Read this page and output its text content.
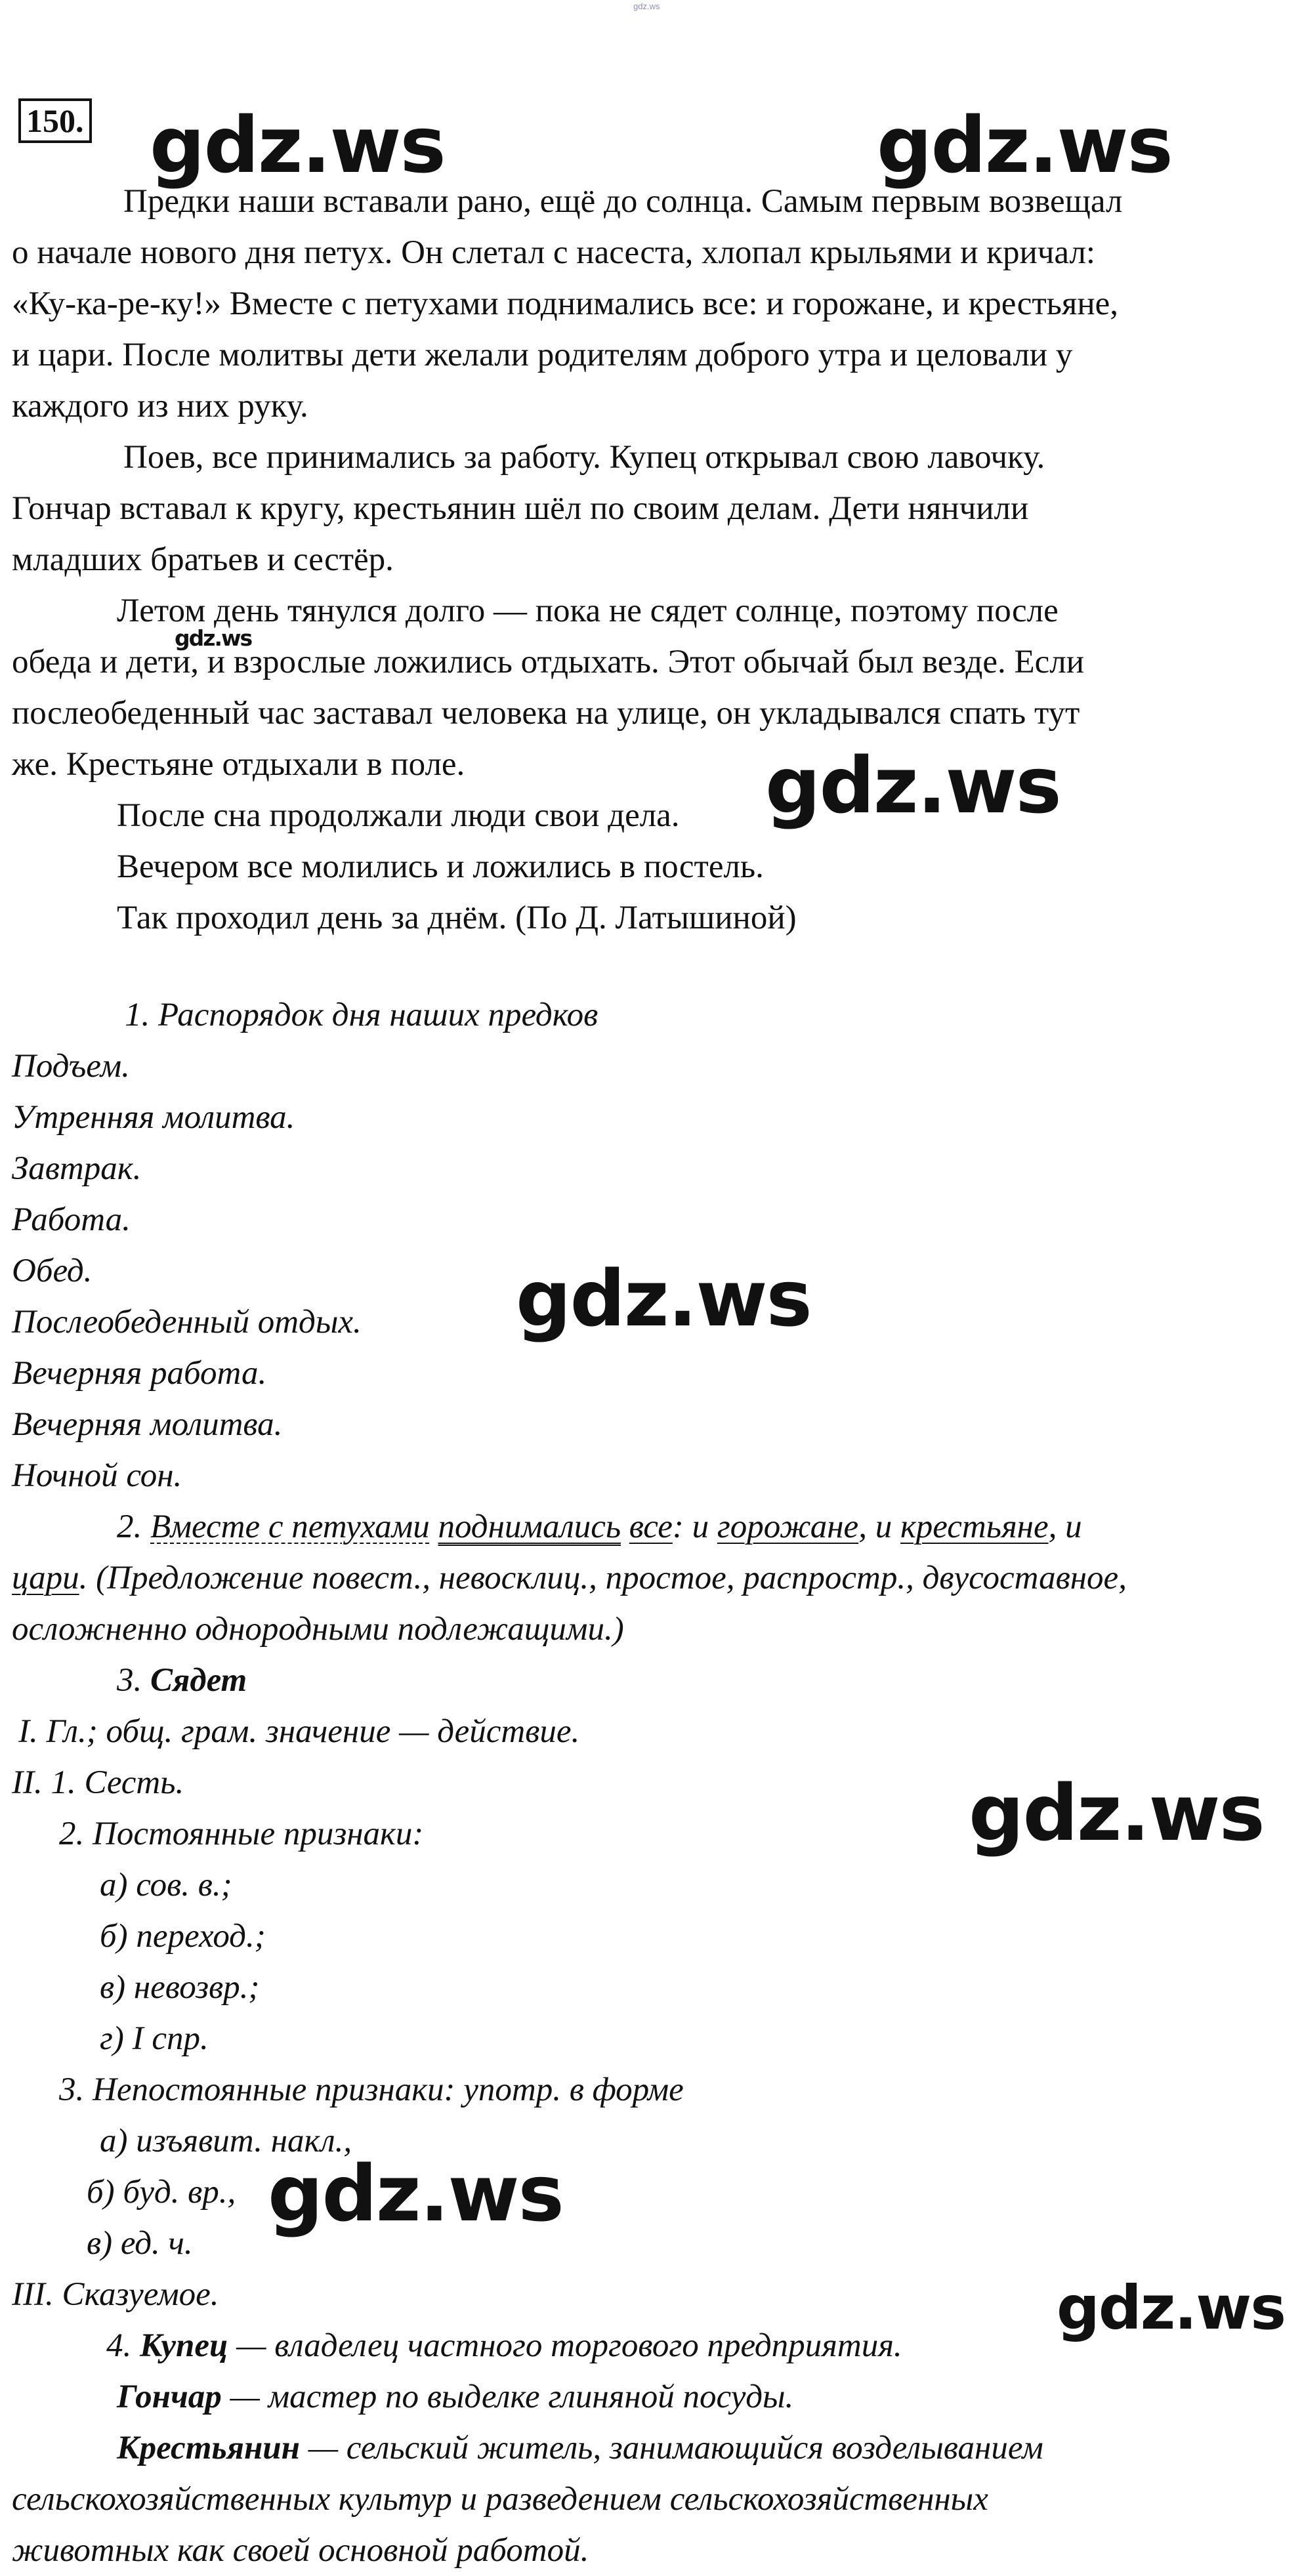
gdz.ws
150. gdz.ws	gdz.ws
gdz.ws
gdz.ws
gdz.ws
gdz.ws
gdz.ws
gdz.ws
Предки наши вставали рано, ещё до солнца. Самым первым возвещал
о начале нового дня петух. Он слетал с насеста, хлопал крыльями и кричал:
«Ку-ка-ре-ку!» Вместе с петухами поднимались все: и горожане, и крестьяне,
и цари. После молитвы дети желали родителям доброго утра и целовали у
каждого из них руку.
Поев, все принимались за работу. Купец открывал свою лавочку.
Гончар вставал к кругу, крестьянин шёл по своим делам. Дети нянчили
младших братьев и сестёр.
Летом день тянулся долго — пока не сядет солнце, поэтому после
обеда и дети, и взрослые ложились отдыхать. Этот обычай был везде. Если
послеобеденный час заставал человека на улице, он укладывался спать тут
же. Крестьяне отдыхали в поле.
После сна продолжали люди свои дела.
Вечером все молились и ложились в постель.
Так проходил день за днём. (По Д. Латышиной)
1. Распорядок дня наших предков
Подъем.
Утренняя молитва.
Завтрак.
Работа.
Обед.
Послеобеденный отдых.
Вечерняя работа.
Вечерняя молитва.
Ночной сон.
2. Вместе с петухами поднимались все: и горожане, и крестьяне, и
цари. (Предложение повест., невосклиц., простое, распростр., двусоставное,
осложненно однородными подлежащими.)
3. Сядет
I. Гл.; общ. грам. значение — действие.
II. 1. Сесть.
2. Постоянные признаки:
а) сов. в.;
б) переход.;
в) невозвр.;
г) I спр.
3. Непостоянные признаки: употр. в форме
а) изъявит. накл.,
б) буд. вр.,
в) ед. ч.
III. Сказуемое.
4. Купец — владелец частного торгового предприятия.
Гончар — мастер по выделке глиняной посуды.
Крестьянин — сельский житель, занимающийся возделыванием
сельскохозяйственных культур и разведением сельскохозяйственных
животных как своей основной работой.
